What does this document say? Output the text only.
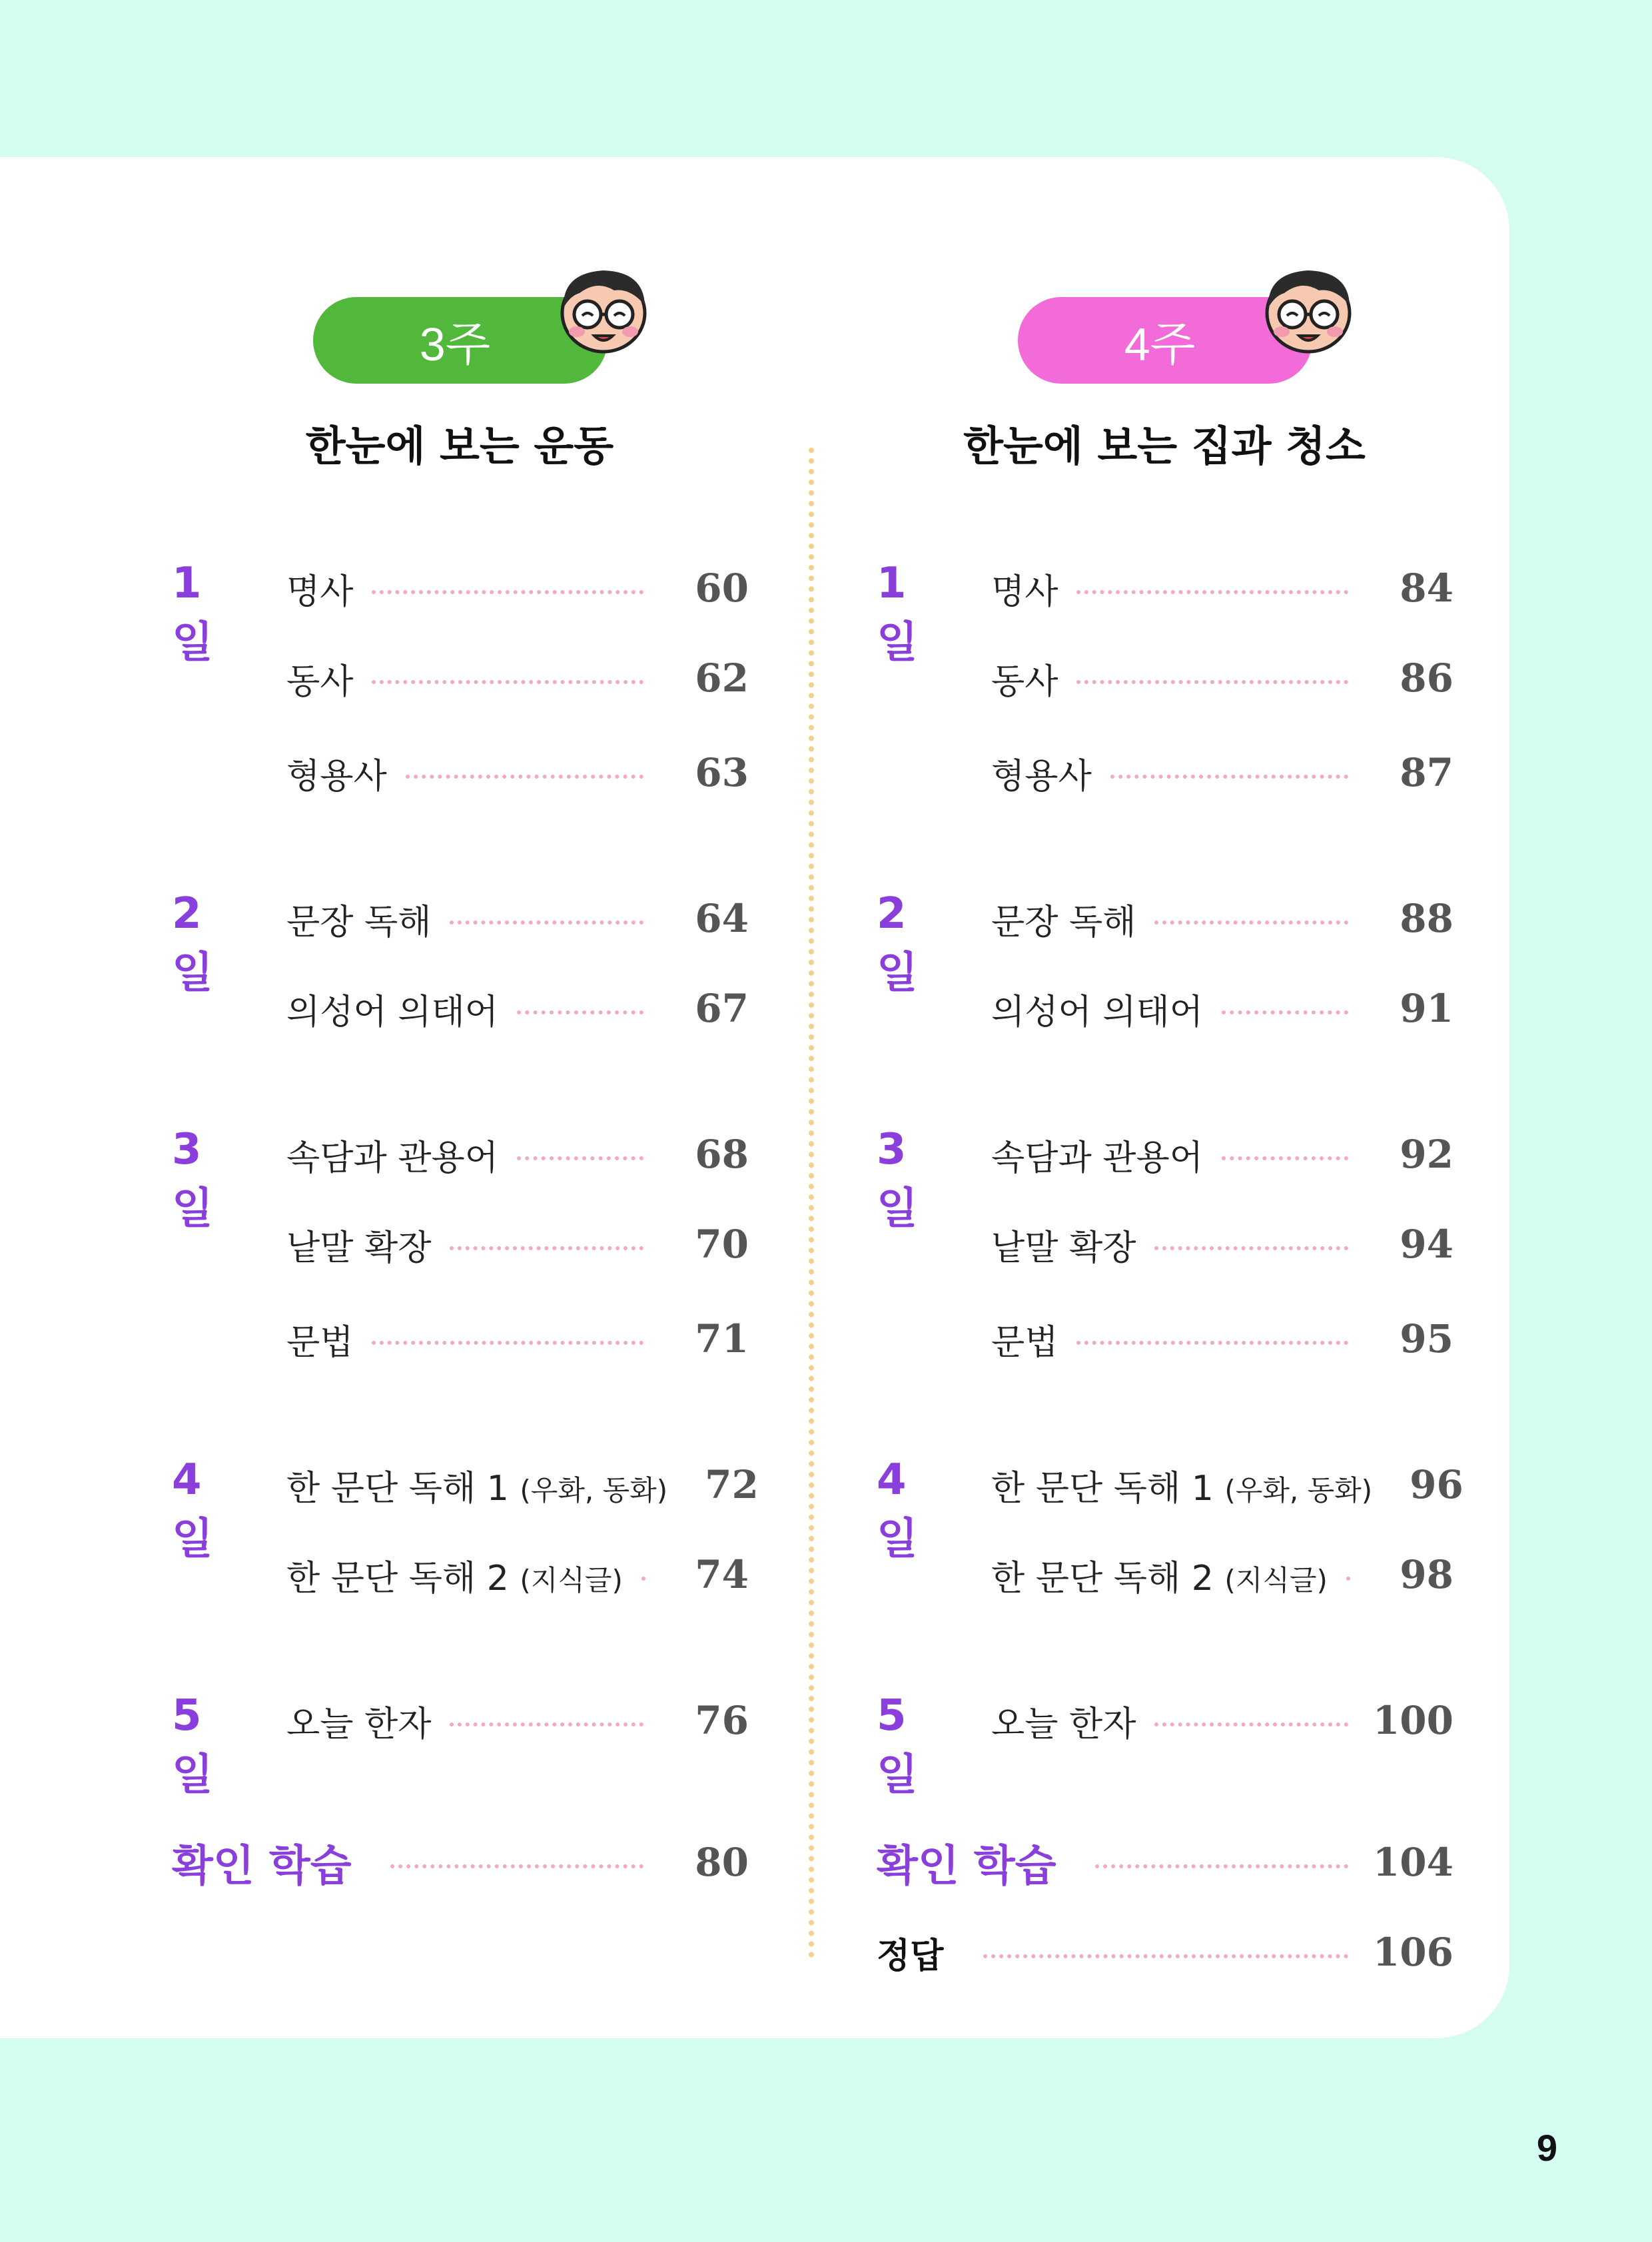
3주
한눈에 보는 운동
1일
명사	60
동사	62
형용사	63
2일
문장 독해	64
의성어 의태어	67
3일
속담과 관용어	68
낱말 확장	70
문법	71
4일
한 문단 독해 1 (우화, 동화) 72
한 문단 독해 2 (지식글)	74
5일
오늘 한자	76
확인 학습	80
4주
한눈에 보는 집과 청소
1일
명사	84
동사	86
형용사	87
2일
문장 독해	88
의성어 의태어	91
3일
속담과 관용어	92
낱말 확장	94
문법	95
4일
한 문단 독해 1 (우화, 동화) 96
한 문단 독해 2 (지식글)	98
5일
오늘 한자	100
확인 학습	104
정답	106
9
